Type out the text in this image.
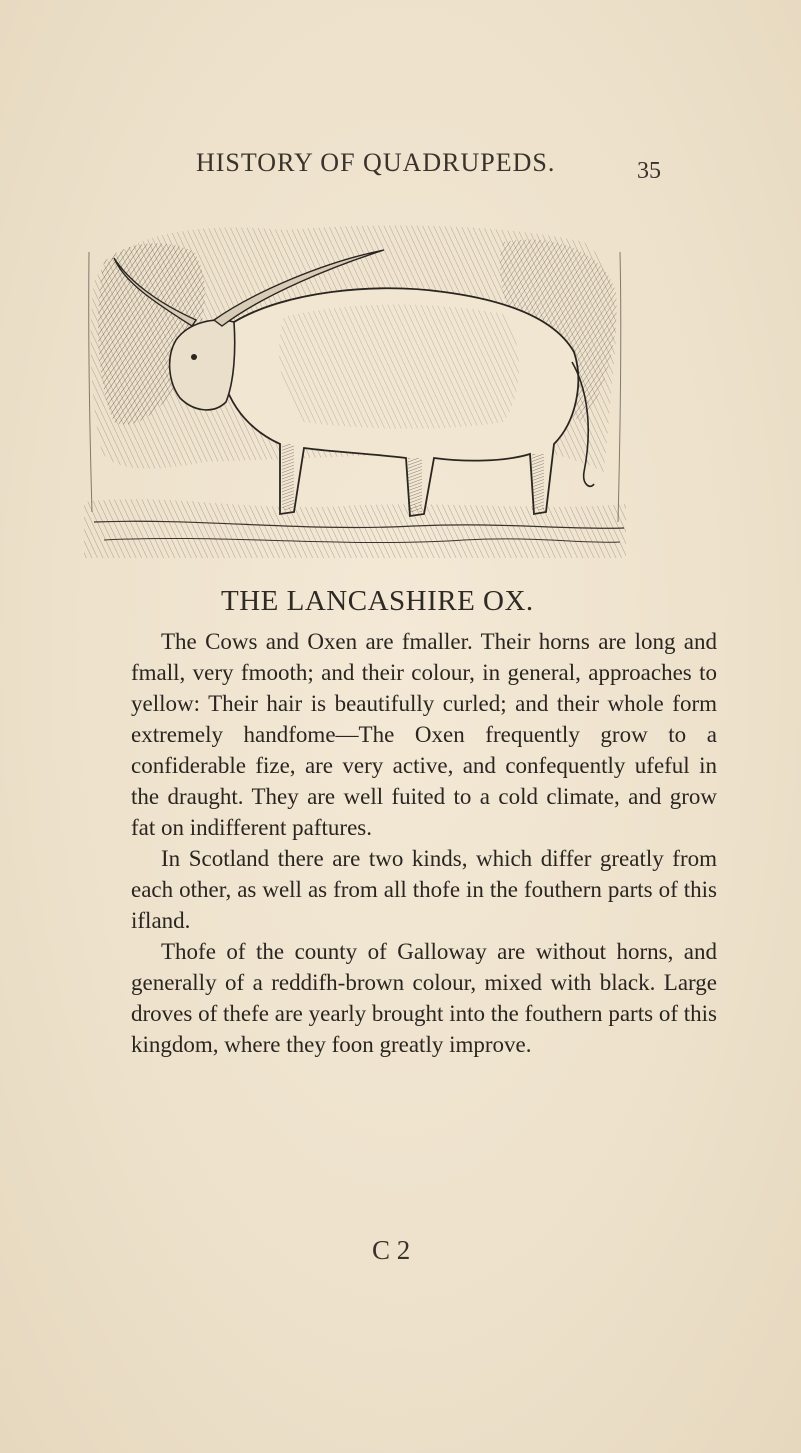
HISTORY OF QUADRUPEDS.	35
THE LANCASHIRE OX.

The Cows and Oxen are fmaller. Their horns are long and fmall, very fmooth; and their colour, in general, approaches to yellow: Their hair is beautifully curled; and their whole form extremely handfome—The Oxen frequently grow to a confiderable fize, are very active, and confequently ufeful in the draught. They are well fuited to a cold climate, and grow fat on indifferent paftures.

In Scotland there are two kinds, which differ greatly from each other, as well as from all thofe in the fouthern parts of this ifland.

Thofe of the county of Galloway are without horns, and generally of a reddifh-brown colour, mixed with black. Large droves of thefe are yearly brought into the fouthern parts of this kingdom, where they foon greatly improve.

C 2
